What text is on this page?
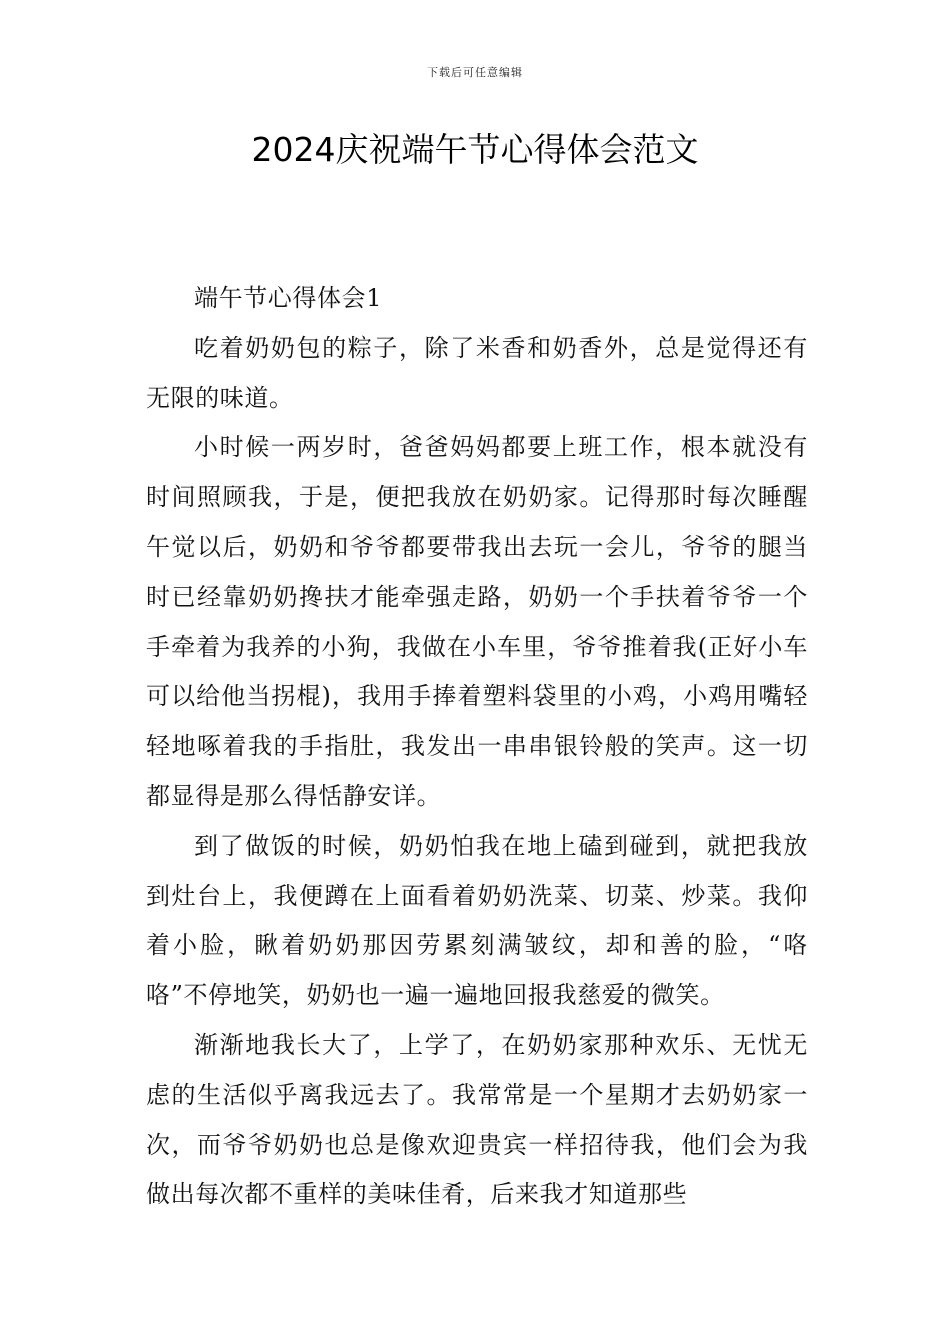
下载后可任意编辑
2024庆祝端午节心得体会范文

端午节心得体会1

吃着奶奶包的粽子，除了米香和奶香外，总是觉得还有无限的味道。

小时候一两岁时，爸爸妈妈都要上班工作，根本就没有时间照顾我，于是，便把我放在奶奶家。记得那时每次睡醒午觉以后，奶奶和爷爷都要带我出去玩一会儿，爷爷的腿当时已经靠奶奶搀扶才能牵强走路，奶奶一个手扶着爷爷一个手牵着为我养的小狗，我做在小车里，爷爷推着我(正好小车可以给他当拐棍)，我用手捧着塑料袋里的小鸡，小鸡用嘴轻轻地啄着我的手指肚，我发出一串串银铃般的笑声。这一切都显得是那么得恬静安详。

到了做饭的时候，奶奶怕我在地上磕到碰到，就把我放到灶台上，我便蹲在上面看着奶奶洗菜、切菜、炒菜。我仰着小脸，瞅着奶奶那因劳累刻满皱纹，却和善的脸，“咯咯”不停地笑，奶奶也一遍一遍地回报我慈爱的微笑。

渐渐地我长大了，上学了，在奶奶家那种欢乐、无忧无虑的生活似乎离我远去了。我常常是一个星期才去奶奶家一次，而爷爷奶奶也总是像欢迎贵宾一样招待我，他们会为我做出每次都不重样的美味佳肴，后来我才知道那些
